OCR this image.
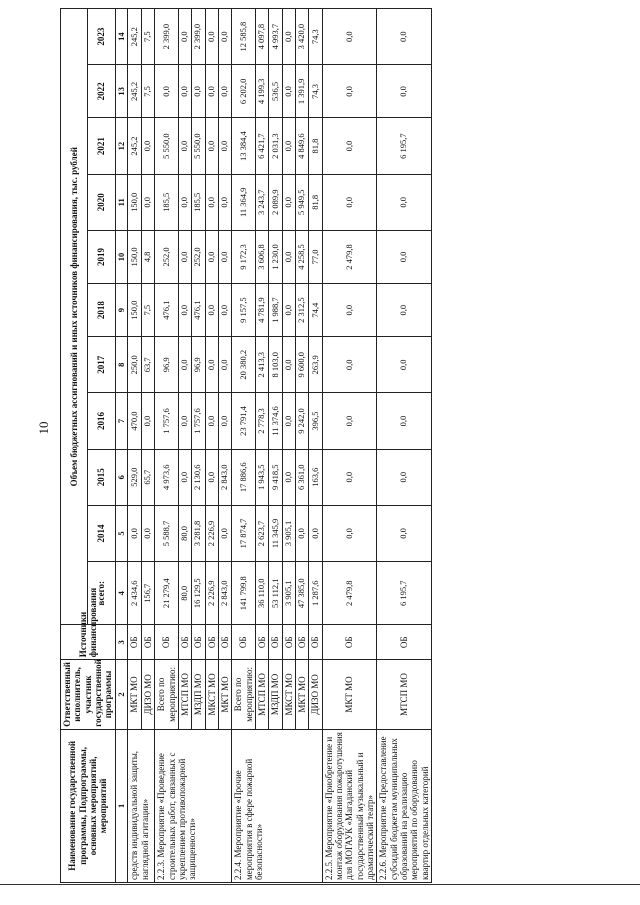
10
Наименование государственной программы, Подпрограммы, основных мероприятий, мероприятий	Ответственный исполнитель, участник государственной программы	Источники финансирования	Объем бюджетных ассигнований и иных источников финансирования, тыс. рублей										
			всего:	2014	2015	2016	2017	2018	2019	2020	2021	2022	2023
1	2	3	4	5	6	7	8	9	10	11	12	13	14
средств индивидуальной защиты, наглядной агитации»	МКТ МО	ОБ	2 434,6	0,0	529,0	470,0	250,0	150,0	150,0	150,0	245,2	245,2	245,2
	ДИЗО МО	ОБ	156,7	0,0	65,7	0,0	63,7	7,5	4,8	0,0	0,0	7,5	7,5
2.2.3. Мероприятие «Проведение строительных работ, связанных с укреплением противопожарной защищенности»	Всего по мероприятию:	ОБ	21 279,4	5 588,7	4 973,6	1 757,6	96,9	476,1	252,0	185,5	5 550,0	0,0	2 399,0
	МТСП МО	ОБ	80,0	80,0	0,0	0,0	0,0	0,0	0,0	0,0	0,0	0,0	0,0
	МЗДП МО	ОБ	16 129,5	3 281,8	2 130,6	1 757,6	96,9	476,1	252,0	185,5	5 550,0	0,0	2 399,0
	МКСТ МО	ОБ	2 226,9	2 226,9	0,0	0,0	0,0	0,0	0,0	0,0	0,0	0,0	0,0
	МКТ МО	ОБ	2 843,0	0,0	2 843,0	0,0	0,0	0,0	0,0	0,0	0,0	0,0	0,0
2.2.4. Мероприятие «Прочие мероприятия в сфере пожарной безопасности»	Всего по мероприятию:	ОБ	141 799,8	17 874,7	17 886,6	23 791,4	20 380,2	9 157,5	9 172,3	11 364,9	13 384,4	6 202,0	12 585,8
	МТСП МО	ОБ	36 110,0	2 623,7	1 943,5	2 778,3	2 413,3	4 781,9	3 606,8	3 243,7	6 421,7	4 199,3	4 097,8
	МЗДП МО	ОБ	53 112,1	11 345,9	9 418,5	11 374,6	8 103,0	1 988,7	1 230,0	2 089,9	2 031,3	536,5	4 993,7
	МКСТ МО	ОБ	3 905,1	3 905,1	0,0	0,0	0,0	0,0	0,0	0,0	0,0	0,0	0,0
	МКТ МО	ОБ	47 385,0	0,0	6 361,0	9 242,0	9 600,0	2 312,5	4 258,5	5 949,5	4 849,6	1 391,9	3 420,0
	ДИЗО МО	ОБ	1 287,6	0,0	163,6	396,5	263,9	74,4	77,0	81,8	81,8	74,3	74,3
2.2.5. Мероприятие «Приобретение и монтаж оборудования пожаротушения для МОГАУК «Магаданский государственный музыкальный и драматический театр»	МКТ МО	ОБ	2 479,8	0,0	0,0	0,0	0,0	0,0	2 479,8	0,0	0,0	0,0	0,0
2.2.6. Мероприятие «Предоставление субсидий бюджетам муниципальных образований на реализацию мероприятий по оборудованию квартир отдельных категорий	МТСП МО	ОБ	6 195,7	0,0	0,0	0,0	0,0	0,0	0,0	0,0	6 195,7	0,0	0,0
